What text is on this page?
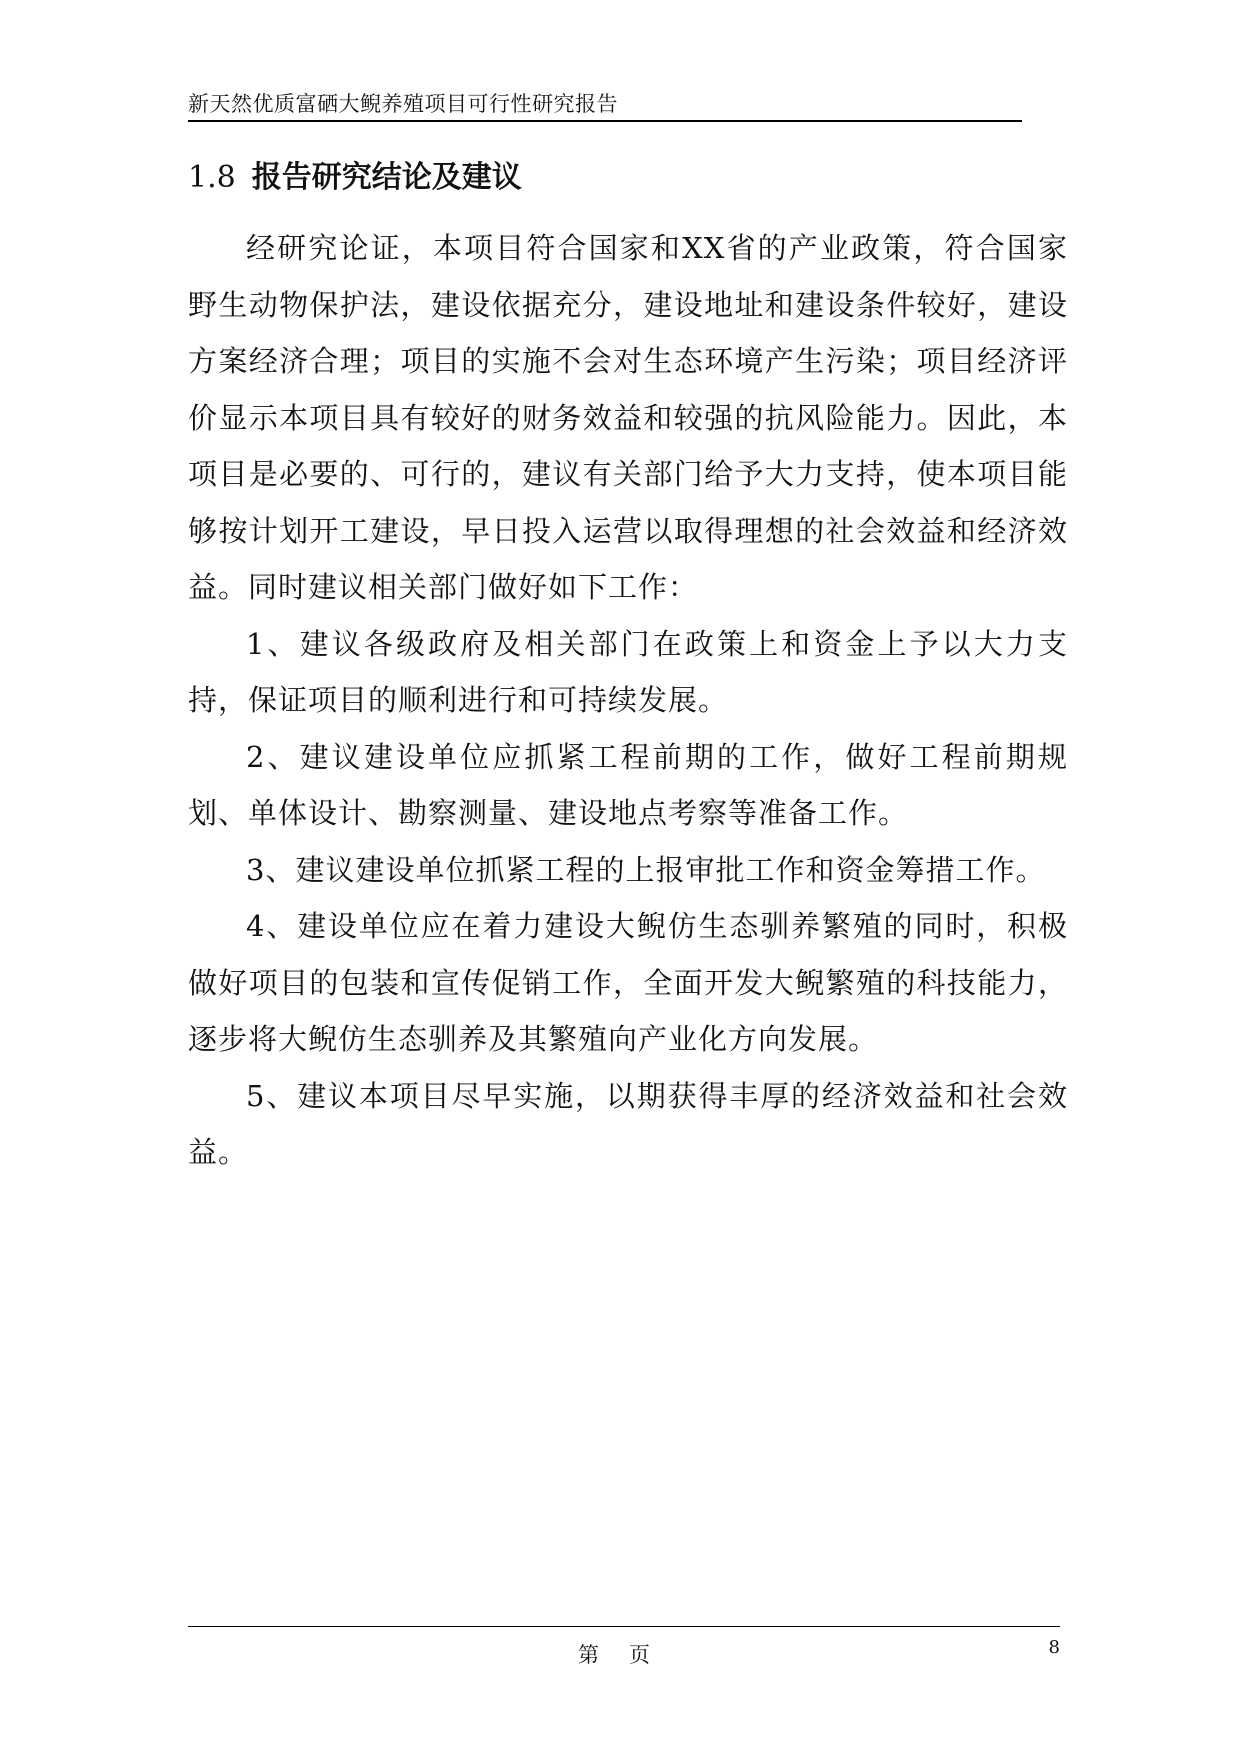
新天然优质富硒大鲵养殖项目可行性研究报告
1.8 报告研究结论及建议

经研究论证，本项目符合国家和XX省的产业政策，符合国家野生动物保护法，建设依据充分，建设地址和建设条件较好，建设方案经济合理；项目的实施不会对生态环境产生污染；项目经济评价显示本项目具有较好的财务效益和较强的抗风险能力。因此，本项目是必要的、可行的，建议有关部门给予大力支持，使本项目能够按计划开工建设，早日投入运营以取得理想的社会效益和经济效益。同时建议相关部门做好如下工作：

1、建议各级政府及相关部门在政策上和资金上予以大力支持，保证项目的顺利进行和可持续发展。

2、建议建设单位应抓紧工程前期的工作，做好工程前期规划、单体设计、勘察测量、建设地点考察等准备工作。

3、建议建设单位抓紧工程的上报审批工作和资金筹措工作。

4、建设单位应在着力建设大鲵仿生态驯养繁殖的同时，积极做好项目的包装和宣传促销工作，全面开发大鲵繁殖的科技能力，逐步将大鲵仿生态驯养及其繁殖向产业化方向发展。

5、建议本项目尽早实施，以期获得丰厚的经济效益和社会效益。

第 页	8
